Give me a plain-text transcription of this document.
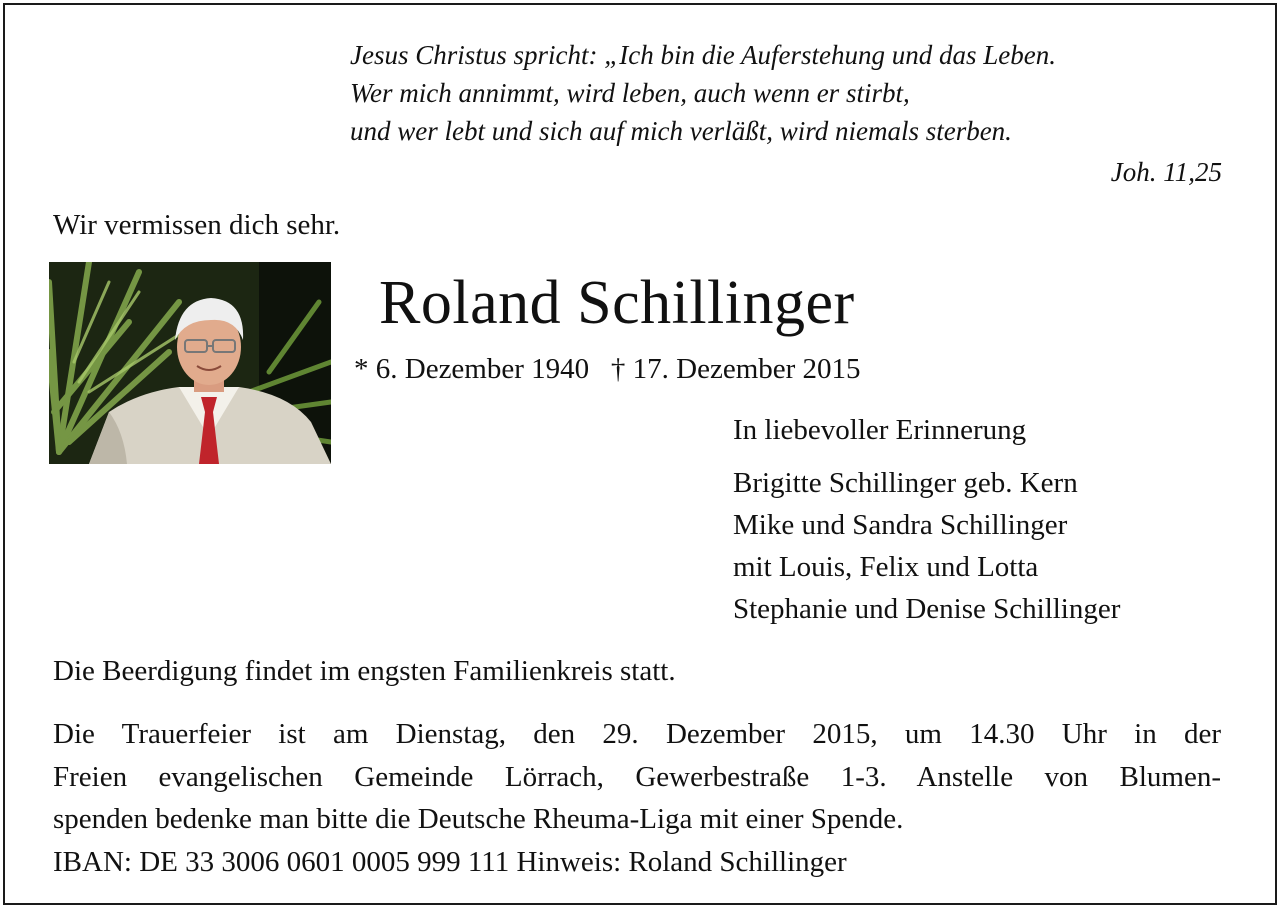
Jesus Christus spricht: „Ich bin die Auferstehung und das Leben.
Wer mich annimmt, wird leben, auch wenn er stirbt,
und wer lebt und sich auf mich verläßt, wird niemals sterben.
Joh. 11,25
Wir vermissen dich sehr.
Roland Schillinger
* 6. Dezember 1940   † 17. Dezember 2015
In liebevoller Erinnerung
Brigitte Schillinger geb. Kern
Mike und Sandra Schillinger
mit Louis, Felix und Lotta
Stephanie und Denise Schillinger
Die Beerdigung findet im engsten Familienkreis statt.
Die Trauerfeier ist am Dienstag, den 29. Dezember 2015, um 14.30 Uhr in der
Freien evangelischen Gemeinde Lörrach, Gewerbestraße 1-3. Anstelle von Blumen-
spenden bedenke man bitte die Deutsche Rheuma-Liga mit einer Spende.
IBAN: DE 33 3006 0601 0005 999 111 Hinweis: Roland Schillinger
